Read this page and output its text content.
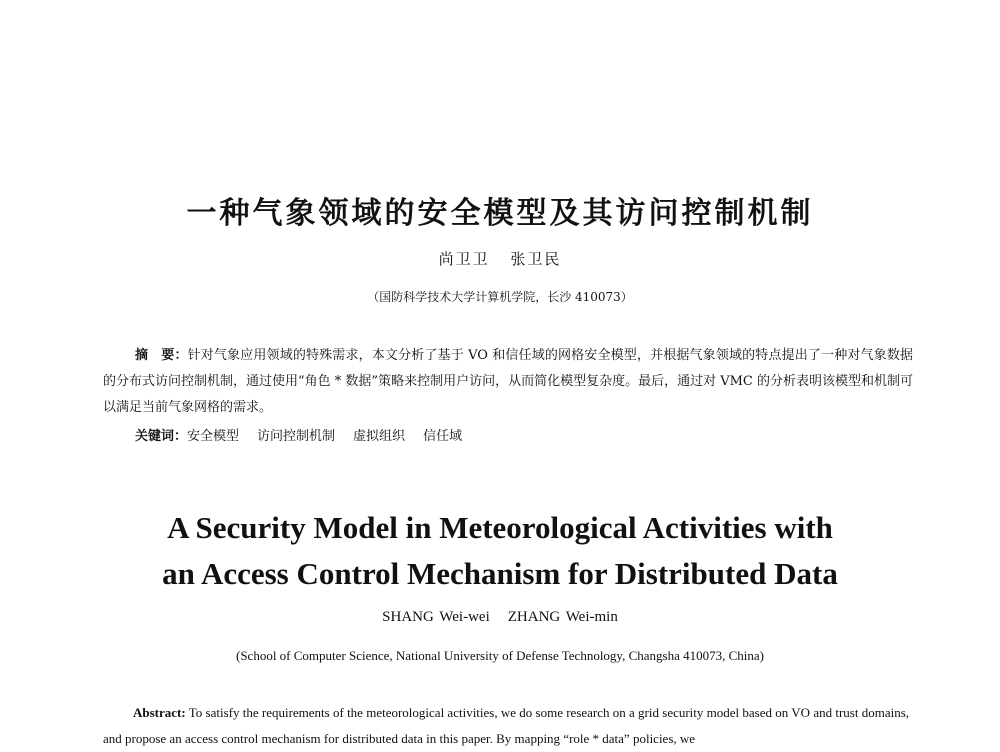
一种气象领域的安全模型及其访问控制机制
尚卫卫 张卫民
（国防科学技术大学计算机学院，长沙 410073）

摘　要：针对气象应用领域的特殊需求，本文分析了基于 VO 和信任域的网格安全模型，并根据气象领域的特点提出了一种对气象数据的分布式访问控制机制，通过使用“角色 * 数据”策略来控制用户访问，从而简化模型复杂度。最后，通过对 VMC 的分析表明该模型和机制可以满足当前气象网格的需求。

关键词：安全模型 访问控制机制 虚拟组织 信任域
A Security Model in Meteorological Activities with
an Access Control Mechanism for Distributed Data
SHANG Wei-wei ZHANG Wei-min
(School of Computer Science, National University of Defense Technology, Changsha 410073, China)

Abstract: To satisfy the requirements of the meteorological activities, we do some research on a grid security model based on VO and trust domains, and propose an access control mechanism for distributed data in this paper. By mapping “role * data” policies, we
